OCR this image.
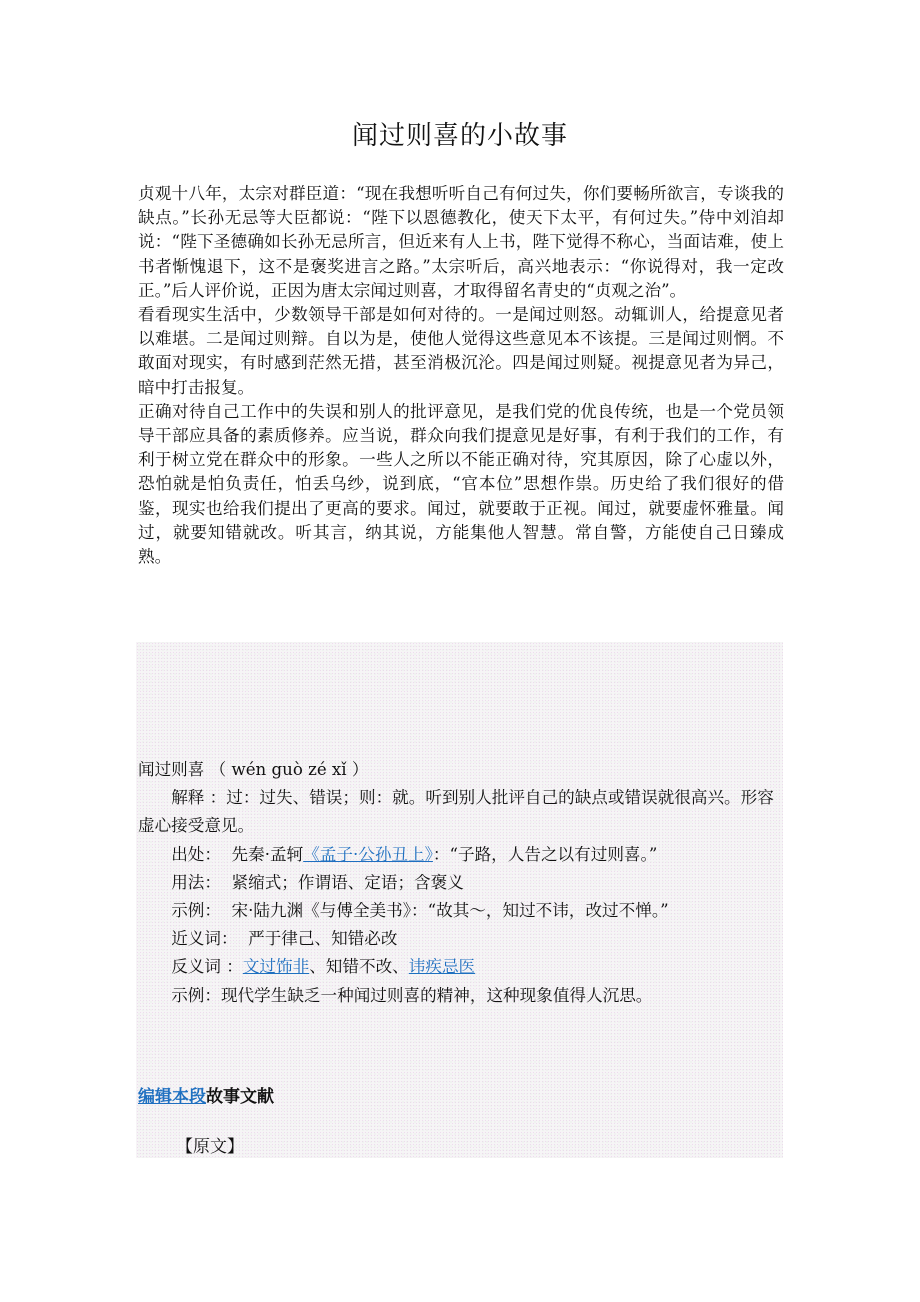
闻过则喜的小故事

贞观十八年，太宗对群臣道：“现在我想听听自己有何过失，你们要畅所欲言，专谈我的缺点。”长孙无忌等大臣都说：“陛下以恩德教化，使天下太平，有何过失。”侍中刘洎却说：“陛下圣德确如长孙无忌所言，但近来有人上书，陛下觉得不称心，当面诘难，使上书者惭愧退下，这不是褒奖进言之路。”太宗听后，高兴地表示：“你说得对，我一定改正。”后人评价说，正因为唐太宗闻过则喜，才取得留名青史的“贞观之治”。

看看现实生活中，少数领导干部是如何对待的。一是闻过则怒。动辄训人，给提意见者以难堪。二是闻过则辩。自以为是，使他人觉得这些意见本不该提。三是闻过则惘。不敢面对现实，有时感到茫然无措，甚至消极沉沦。四是闻过则疑。视提意见者为异己，暗中打击报复。

正确对待自己工作中的失误和别人的批评意见，是我们党的优良传统，也是一个党员领导干部应具备的素质修养。应当说，群众向我们提意见是好事，有利于我们的工作，有利于树立党在群众中的形象。一些人之所以不能正确对待，究其原因，除了心虚以外，恐怕就是怕负责任，怕丢乌纱，说到底，“官本位”思想作祟。历史给了我们很好的借鉴，现实也给我们提出了更高的要求。闻过，就要敢于正视。闻过，就要虚怀雅量。闻过，就要知错就改。听其言，纳其说，方能集他人智慧。常自警，方能使自己日臻成熟。

闻过则喜 （ wén guò zé xǐ ）

解释 ：过：过失、错误；则：就。听到别人批评自己的缺点或错误就很高兴。形容虚心接受意见。

出处： 先秦·孟轲《孟子·公孙丑上》：“子路，人告之以有过则喜。”

用法： 紧缩式；作谓语、定语；含褒义

示例： 宋·陆九渊《与傅全美书》：“故其～，知过不讳，改过不惮。”

近义词： 严于律己、知错必改

反义词 ：文过饰非、知错不改、讳疾忌医

示例：现代学生缺乏一种闻过则喜的精神，这种现象值得人沉思。

编辑本段故事文献
【原文】
